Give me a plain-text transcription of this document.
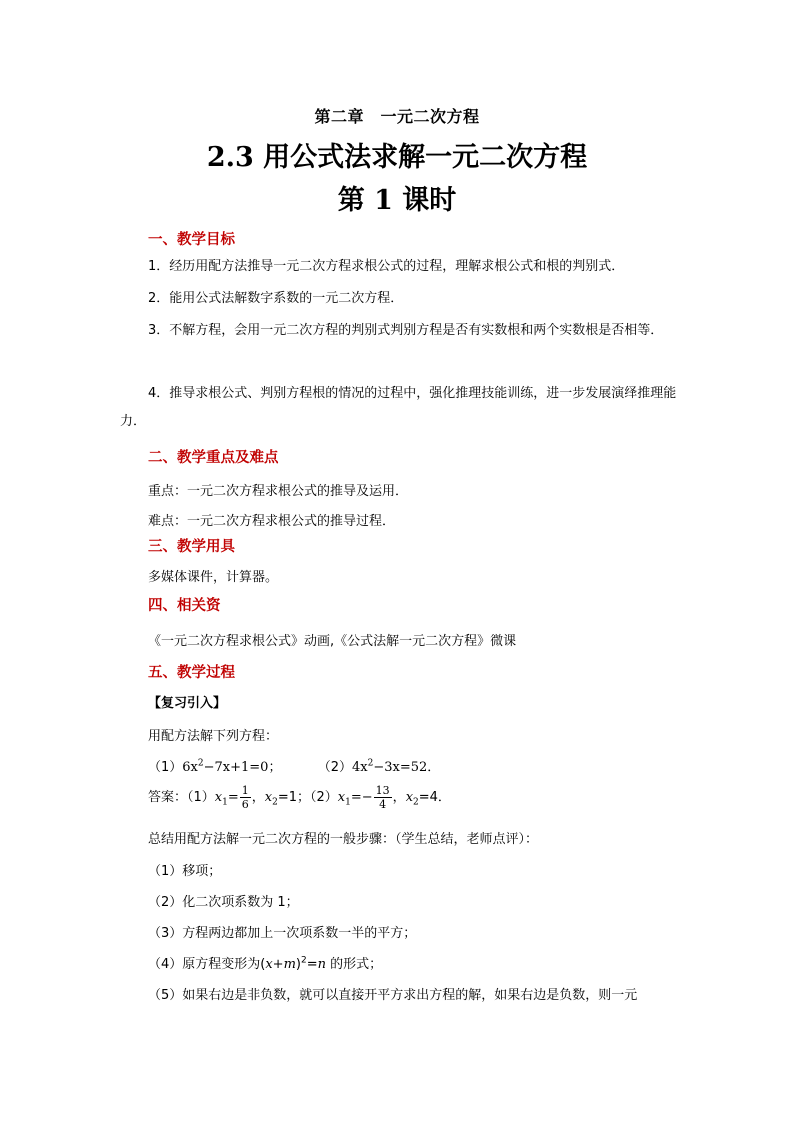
第二章　一元二次方程
2.3 用公式法求解一元二次方程
第 1 课时
一、教学目标
1．经历用配方法推导一元二次方程求根公式的过程，理解求根公式和根的判别式．
2．能用公式法解数字系数的一元二次方程．
3．不解方程，会用一元二次方程的判别式判别方程是否有实数根和两个实数根是否相等．
4．推导求根公式、判别方程根的情况的过程中，强化推理技能训练，进一步发展演绎推理能力．
二、教学重点及难点
重点：一元二次方程求根公式的推导及运用．
难点：一元二次方程求根公式的推导过程．
三、教学用具
多媒体课件，计算器。
四、相关资
《一元二次方程求根公式》动画,《公式法解一元二次方程》微课
五、教学过程
【复习引入】
用配方法解下列方程：
$(1)6x^2-7x+1=0$；	$(2)4x^2-3x=52$．
答案：$(1)x_1= \frac{1}{6}$ ，$x_2=1$；$(2)x_1=- \frac{13}{4}$ ，$x_2=4$．
总结用配方法解一元二次方程的一般步骤：（学生总结，老师点评）：
（1）移项；
（2）化二次项系数为 1；
（3）方程两边都加上一次项系数一半的平方；
（4）原方程变形为$(x+m)^2=n$ 的形式；
（5）如果右边是非负数，就可以直接开平方求出方程的解，如果右边是负数，则一元
